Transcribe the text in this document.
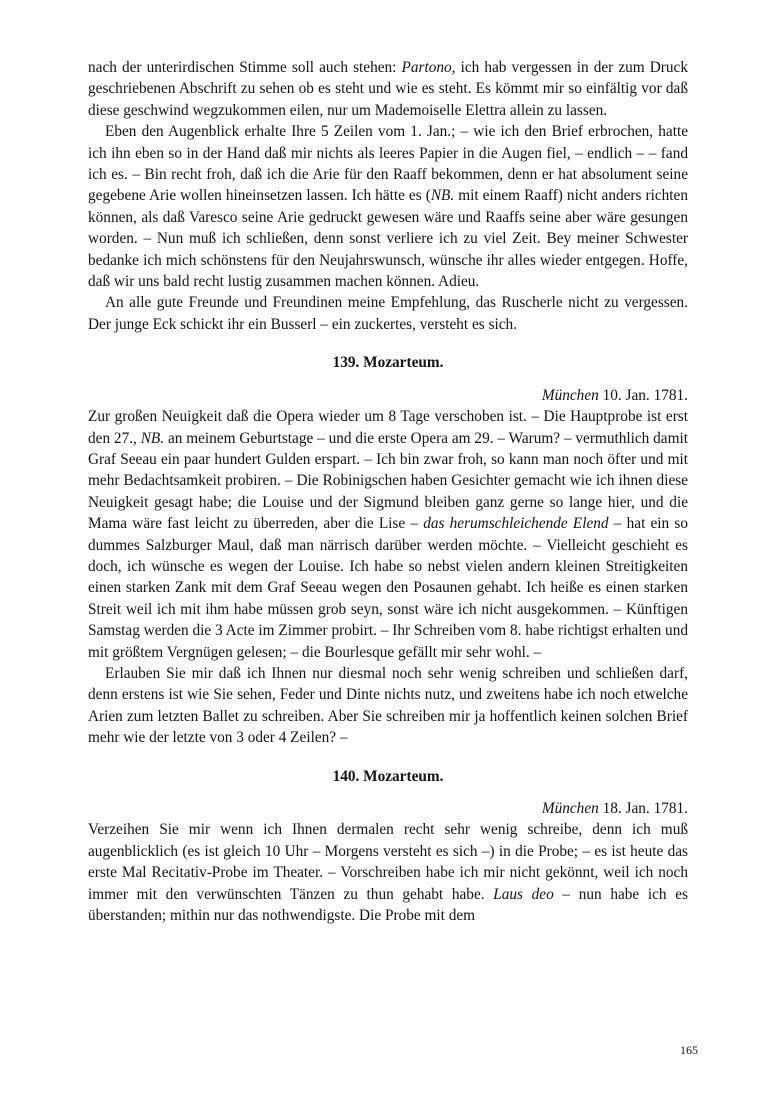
nach der unterirdischen Stimme soll auch stehen: Partono, ich hab vergessen in der zum Druck geschriebenen Abschrift zu sehen ob es steht und wie es steht. Es kömmt mir so einfältig vor daß diese geschwind wegzukommen eilen, nur um Mademoiselle Elettra allein zu lassen.

Eben den Augenblick erhalte Ihre 5 Zeilen vom 1. Jan.; – wie ich den Brief erbrochen, hatte ich ihn eben so in der Hand daß mir nichts als leeres Papier in die Augen fiel, – endlich – – fand ich es. – Bin recht froh, daß ich die Arie für den Raaff bekommen, denn er hat absolument seine gegebene Arie wollen hineinsetzen lassen. Ich hätte es (NB. mit einem Raaff) nicht anders richten können, als daß Varesco seine Arie gedruckt gewesen wäre und Raaffs seine aber wäre gesungen worden. – Nun muß ich schließen, denn sonst verliere ich zu viel Zeit. Bey meiner Schwester bedanke ich mich schönstens für den Neujahrswunsch, wünsche ihr alles wieder entgegen. Hoffe, daß wir uns bald recht lustig zusammen machen können. Adieu.

An alle gute Freunde und Freundinen meine Empfehlung, das Ruscherle nicht zu vergessen. Der junge Eck schickt ihr ein Busserl – ein zuckertes, versteht es sich.

139. Mozarteum.
München 10. Jan. 1781.

Zur großen Neuigkeit daß die Opera wieder um 8 Tage verschoben ist. – Die Hauptprobe ist erst den 27., NB. an meinem Geburtstage – und die erste Opera am 29. – Warum? – vermuthlich damit Graf Seeau ein paar hundert Gulden erspart. – Ich bin zwar froh, so kann man noch öfter und mit mehr Bedachtsamkeit probiren. – Die Robinigschen haben Gesichter gemacht wie ich ihnen diese Neuigkeit gesagt habe; die Louise und der Sigmund bleiben ganz gerne so lange hier, und die Mama wäre fast leicht zu überreden, aber die Lise – das herumschleichende Elend – hat ein so dummes Salzburger Maul, daß man närrisch darüber werden möchte. – Vielleicht geschieht es doch, ich wünsche es wegen der Louise. Ich habe so nebst vielen andern kleinen Streitigkeiten einen starken Zank mit dem Graf Seeau wegen den Posaunen gehabt. Ich heiße es einen starken Streit weil ich mit ihm habe müssen grob seyn, sonst wäre ich nicht ausgekommen. – Künftigen Samstag werden die 3 Acte im Zimmer probirt. – Ihr Schreiben vom 8. habe richtigst erhalten und mit größtem Vergnügen gelesen; – die Bourlesque gefällt mir sehr wohl. –

Erlauben Sie mir daß ich Ihnen nur diesmal noch sehr wenig schreiben und schließen darf, denn erstens ist wie Sie sehen, Feder und Dinte nichts nutz, und zweitens habe ich noch etwelche Arien zum letzten Ballet zu schreiben. Aber Sie schreiben mir ja hoffentlich keinen solchen Brief mehr wie der letzte von 3 oder 4 Zeilen? –

140. Mozarteum.
München 18. Jan. 1781.

Verzeihen Sie mir wenn ich Ihnen dermalen recht sehr wenig schreibe, denn ich muß augenblicklich (es ist gleich 10 Uhr – Morgens versteht es sich –) in die Probe; – es ist heute das erste Mal Recitativ-Probe im Theater. – Vorschreiben habe ich mir nicht gekönnt, weil ich noch immer mit den verwünschten Tänzen zu thun gehabt habe. Laus deo – nun habe ich es überstanden; mithin nur das nothwendigste. Die Probe mit dem

165
